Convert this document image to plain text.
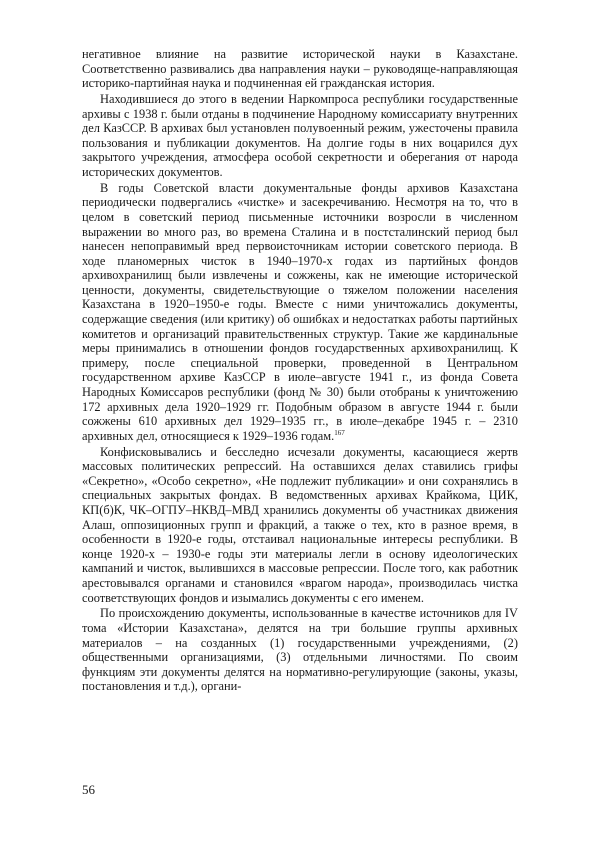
негативное влияние на развитие исторической науки в Казахстане. Соответственно развивались два направления науки – руководяще-направляющая историко-партийная наука и подчиненная ей гражданская история.

Находившиеся до этого в ведении Наркомпроса республики государственные архивы с 1938 г. были отданы в подчинение Народному комиссариату внутренних дел КазССР. В архивах был установлен полувоенный режим, ужесточены правила пользования и публикации документов. На долгие годы в них воцарился дух закрытого учреждения, атмосфера особой секретности и оберегания от народа исторических документов.

В годы Советской власти документальные фонды архивов Казахстана периодически подвергались «чистке» и засекречиванию. Несмотря на то, что в целом в советский период письменные источники возросли в численном выражении во много раз, во времена Сталина и в постсталинский период был нанесен непоправимый вред первоисточникам истории советского периода. В ходе планомерных чисток в 1940–1970-х годах из партийных фондов архивохранилищ были извлечены и сожжены, как не имеющие исторической ценности, документы, свидетельствующие о тяжелом положении населения Казахстана в 1920–1950-е годы. Вместе с ними уничтожались документы, содержащие сведения (или критику) об ошибках и недостатках работы партийных комитетов и организаций правительственных структур. Такие же кардинальные меры принимались в отношении фондов государственных архивохранилищ. К примеру, после специальной проверки, проведенной в Центральном государственном архиве КазССР в июле–августе 1941 г., из фонда Совета Народных Комиссаров республики (фонд № 30) были отобраны к уничтожению 172 архивных дела 1920–1929 гг. Подобным образом в августе 1944 г. были сожжены 610 архивных дел 1929–1935 гг., в июле–декабре 1945 г. – 2310 архивных дел, относящиеся к 1929–1936 годам.$^{167}$

Конфисковывались и бесследно исчезали документы, касающиеся жертв массовых политических репрессий. На оставшихся делах ставились грифы «Секретно», «Особо секретно», «Не подлежит публикации» и они сохранялись в специальных закрытых фондах. В ведомственных архивах Крайкома, ЦИК, КП(б)К, ЧК–ОГПУ–НКВД–МВД хранились документы об участниках движения Алаш, оппозиционных групп и фракций, а также о тех, кто в разное время, в особенности в 1920-е годы, отстаивал национальные интересы республики. В конце 1920-х – 1930-е годы эти материалы легли в основу идеологических кампаний и чисток, вылившихся в массовые репрессии. После того, как работник арестовывался органами и становился «врагом народа», производилась чистка соответствующих фондов и изымались документы с его именем.

По происхождению документы, использованные в качестве источников для IV тома «Истории Казахстана», делятся на три большие группы архивных материалов – на созданных (1) государственными учреждениями, (2) общественными организациями, (3) отдельными личностями. По своим функциям эти документы делятся на нормативно-регулирующие (законы, указы, постановления и т.д.), органи-

56
